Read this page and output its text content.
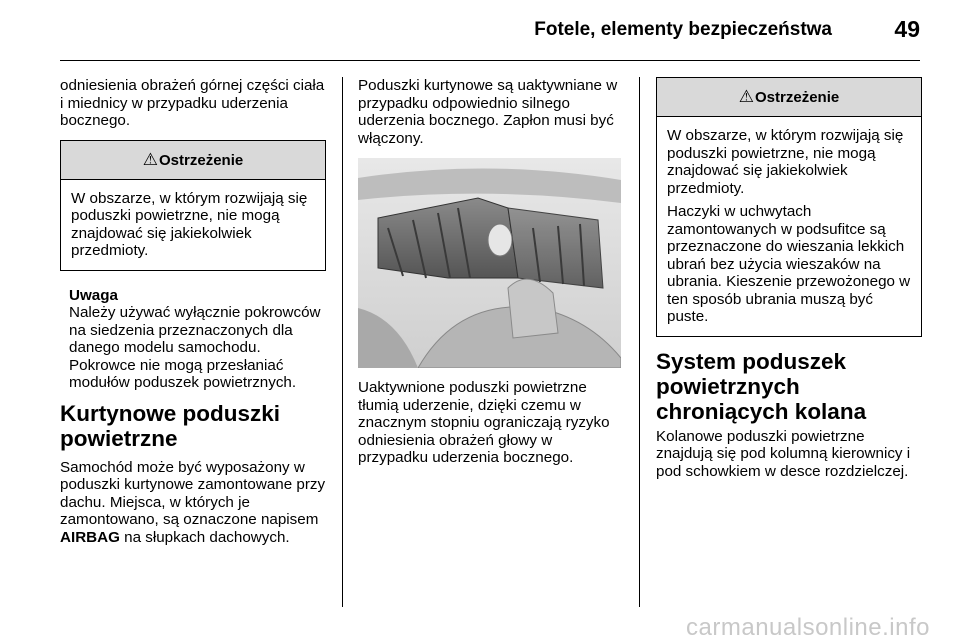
Fotele, elementy bezpieczeństwa	49

odniesienia obrażeń górnej części ciała i miednicy w przypadku uderzenia bocznego.

⚠Ostrzeżenie

W obszarze, w którym rozwijają się poduszki powietrzne, nie mogą znajdować się jakiekolwiek przedmioty.

Uwaga

Należy używać wyłącznie pokrowców na siedzenia przeznaczonych dla danego modelu samochodu. Pokrowce nie mogą przesłaniać modułów poduszek powietrznych.

Kurtynowe poduszki powietrzne

Samochód może być wyposażony w poduszki kurtynowe zamontowane przy dachu. Miejsca, w których je zamontowano, są oznaczone napisem AIRBAG na słupkach dachowych.

Poduszki kurtynowe są uaktywniane w przypadku odpowiednio silnego uderzenia bocznego. Zapłon musi być włączony.

Uaktywnione poduszki powietrzne tłumią uderzenie, dzięki czemu w znacznym stopniu ograniczają ryzyko odniesienia obrażeń głowy w przypadku uderzenia bocznego.

⚠Ostrzeżenie

W obszarze, w którym rozwijają się poduszki powietrzne, nie mogą znajdować się jakiekolwiek przedmioty.

Haczyki w uchwytach zamontowanych w podsufitce są przeznaczone do wieszania lekkich ubrań bez użycia wieszaków na ubrania. Kieszenie przewożonego w ten sposób ubrania muszą być puste.

System poduszek powietrznych chroniących kolana

Kolanowe poduszki powietrzne znajdują się pod kolumną kierownicy i pod schowkiem w desce rozdzielczej.

carmanualsonline.info
